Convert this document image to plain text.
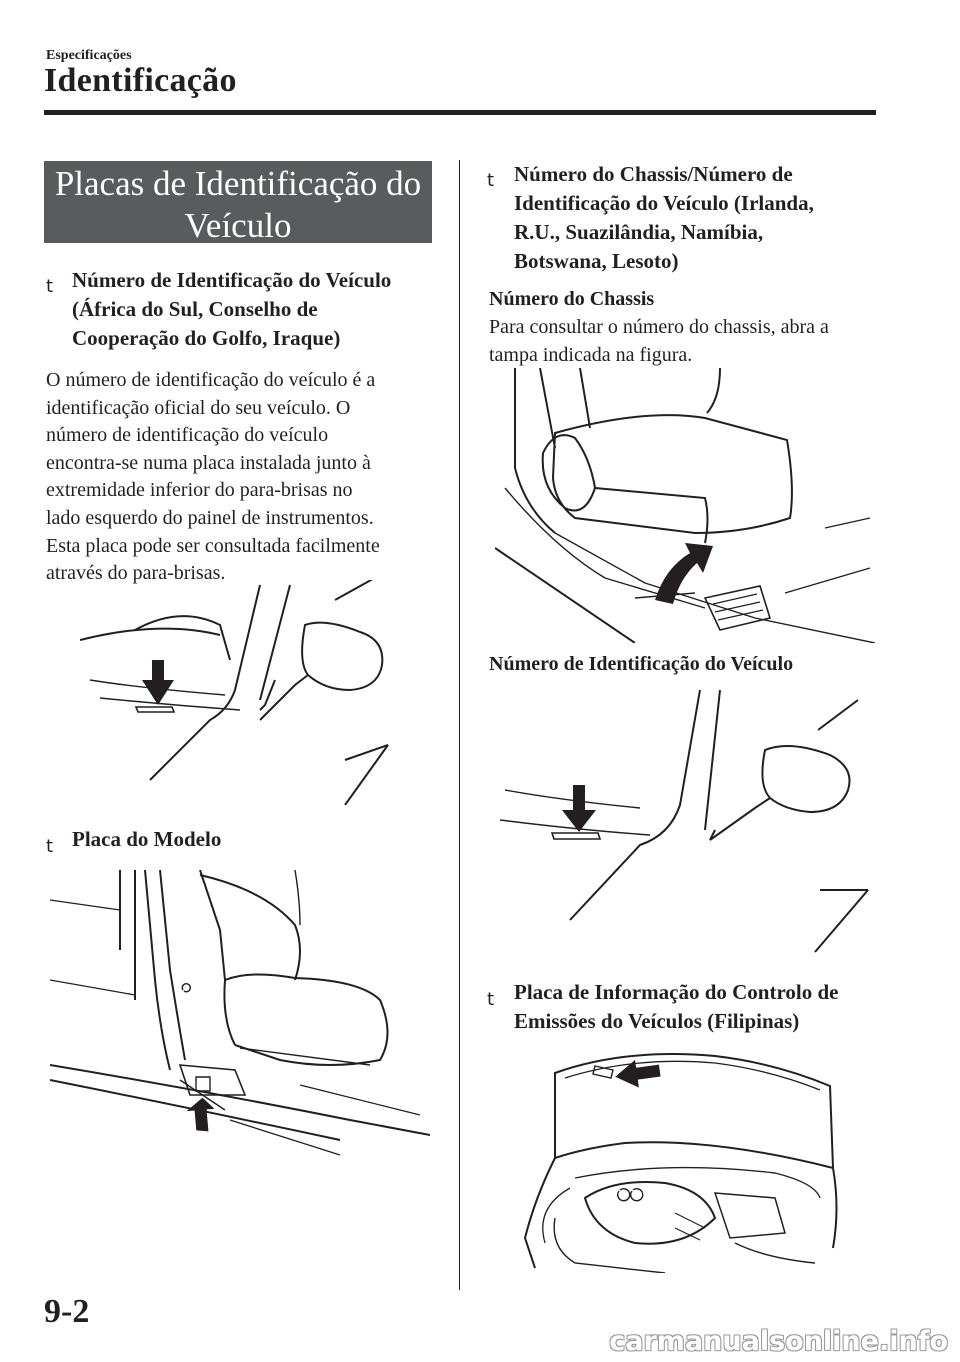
Especificações
Identificação
Placas de Identificação do
Veículo
t Número de Identificação do Veículo
(África do Sul, Conselho de
Cooperação do Golfo, Iraque)
O número de identificação do veículo é a
identificação oficial do seu veículo. O
número de identificação do veículo
encontra-se numa placa instalada junto à
extremidade inferior do para-brisas no
lado esquerdo do painel de instrumentos.
Esta placa pode ser consultada facilmente
através do para-brisas.
t Placa do Modelo
t Número do Chassis/Número de
Identificação do Veículo (Irlanda,
R.U., Suazilândia, Namíbia,
Botswana, Lesoto)
Número do Chassis
Para consultar o número do chassis, abra a
tampa indicada na figura.
Número de Identificação do Veículo
t Placa de Informação do Controlo de
Emissões do Veículos (Filipinas)
9-2
carmanualsonline.info
